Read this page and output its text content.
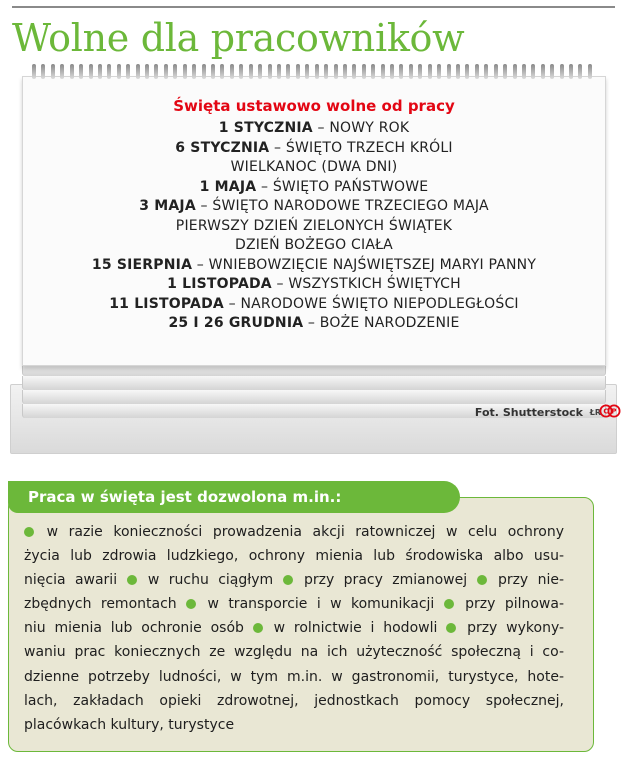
Wolne dla pracowników
Święta ustawowo wolne od pracy
1 STYCZNIA – NOWY ROK
6 STYCZNIA – ŚWIĘTO TRZECH KRÓLI
WIELKANOC (DWA DNI)
1 MAJA – ŚWIĘTO PAŃSTWOWE
3 MAJA – ŚWIĘTO NARODOWE TRZECIEGO MAJA
PIERWSZY DZIEŃ ZIELONYCH ŚWIĄTEK
DZIEŃ BOŻEGO CIAŁA
15 SIERPNIA – WNIEBOWZIĘCIE NAJŚWIĘTSZEJ MARYI PANNY
1 LISTOPADA – WSZYSTKICH ŚWIĘTYCH
11 LISTOPADA – NARODOWE ŚWIĘTO NIEPODLEGŁOŚCI
25 I 26 GRUDNIA – BOŻE NARODZENIE
Fot. Shutterstock ŁR C P
Praca w święta jest dozwolona m.in.:
w razie konieczności prowadzenia akcji ratowniczej w celu ochrony
życia lub zdrowia ludzkiego, ochrony mienia lub środowiska albo usu-
nięcia awarii w ruchu ciągłym przy pracy zmianowej przy nie-
zbędnych remontach w transporcie i w komunikacji przy pilnowa-
niu mienia lub ochronie osób w rolnictwie i hodowli przy wykony-
waniu prac koniecznych ze względu na ich użyteczność społeczną i co-
dzienne potrzeby ludności, w tym m.in. w gastronomii, turystyce, hote-
lach, zakładach opieki zdrowotnej, jednostkach pomocy społecznej,
placówkach kultury, turystyce
